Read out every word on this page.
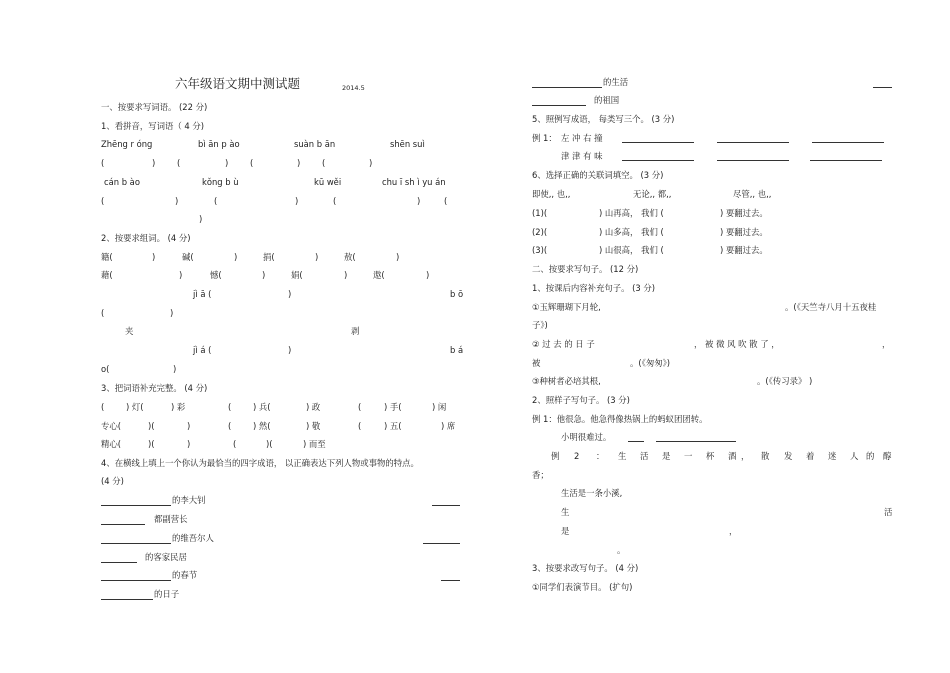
六年级语文期中测试题	2014.5
一、按要求写词语。 (22 分)
1、看拼音，写词语（ 4 分)
Zhēng r óng	bì ān p ào	suàn b ān	shēn suì
(	)	(	)	(	)	(	)
cán b ào	kǒng b ù	kū wěi	chu ī sh ì yu án
(	)	(	)	(	)	(
)
2、按要求组词。 (4 分)
籍(	)	碱(	)	捐(	)	敖(	)
藉(	)	憾(	)	娟(	)	遨(	)
jì ā (	)	b ō
(	)
夹	剥
jì á (	)	b á
o(	)
3、把词语补充完整。 (4 分)
(	) 灯(	) 彩	(	) 兵(	) 政	(	) 手(	) 闲
专心(	)(	)	(	) 然(	) 敬	(	) 五(	) 席
精心(	)(	)	(	)(	) 而至
4、在横线上填上一个你认为最恰当的四字成语， 以正确表达下列人物或事物的特点。
(4 分)
的李大钊
都副营长
的维吾尔人
的客家民居
的春节
的日子
的生活
的祖国
5、照例写成语， 每类写三个。 (3 分)
例 1： 左 冲 右 撞
津 津 有 味
6、选择正确的关联词填空。 (3 分)
即使,, 也,,	无论,, 都,,	尽管,, 也,,
(1)(	) 山再高， 我们 (	) 要翻过去。
(2)(	) 山多高， 我们 (	) 要翻过去。
(3)(	) 山很高， 我们 (	) 要翻过去。
二、按要求写句子。 (12 分)
1、按课后内容补充句子。 (3 分)
①玉辉珊瑚下月轮,	。(《天竺寺八月十五夜桂
子》)
② 过 去 的 日 子	， 被 微 风 吹 散 了 ，	，
被	。(《匆匆》)
③种树者必培其根,	。(《传习录》 )
2、照样子写句子。 (3 分)
例 1：他很急。他急得像热锅上的蚂蚁团团转。
小明很难过。
例 2 ： 生 活 是 一 杯 酒 ， 散 发 着 迷 人 的 醇
香；
生活是一条小溪,
生	活
是	，
。
3、按要求改写句子。 (4 分)
①同学们表演节目。 (扩句)
